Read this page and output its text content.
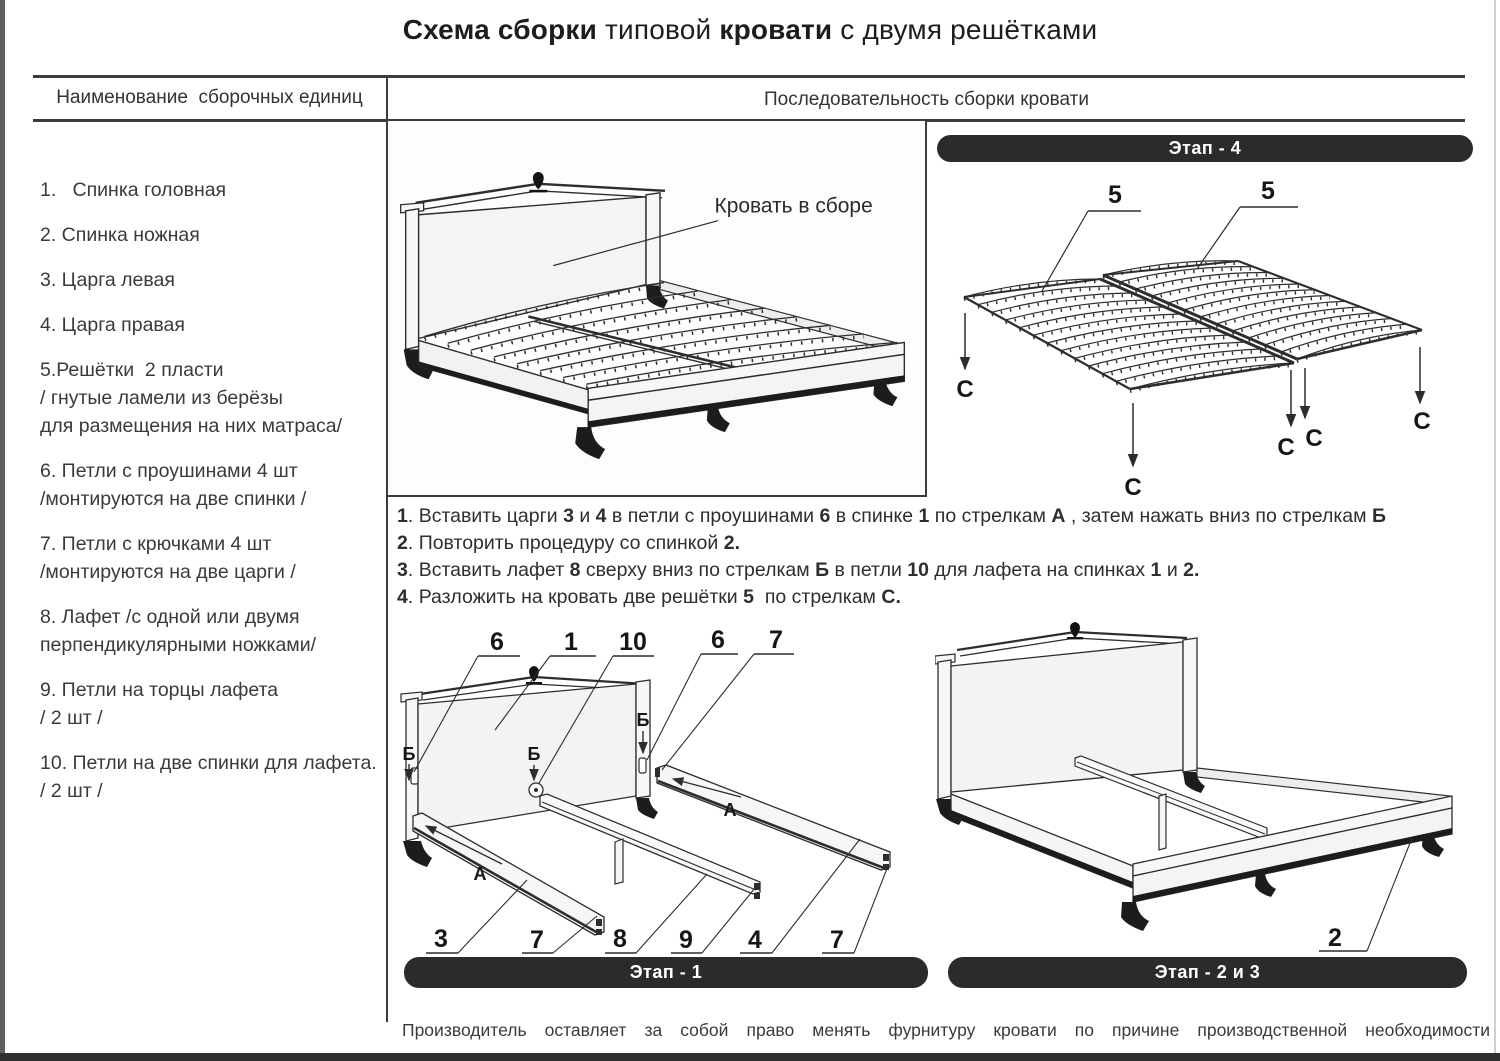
Схема сборки типовой кровати с двумя решётками
Наименование  сборочных единиц	Последовательность сборки кровати
1.   Спинка головная
2. Спинка ножная
3. Царга левая
4. Царга правая
5.Решётки  2 пласти
/ гнутые ламели из берёзы
для размещения на них матраса/
6. Петли с проушинами 4 шт
/монтируются на две спинки /
7. Петли с крючками 4 шт
/монтируются на две царги /
8. Лафет /с одной или двумя
перпендикулярными ножками/
9. Петли на торцы лафета
/ 2 шт /
10. Петли на две спинки для лафета.
/ 2 шт /
Кровать в сборе
Этап - 4
5	5
С
С
С С
С
1. Вставить царги 3 и 4 в петли с проушинами 6 в спинке 1 по стрелкам А , затем нажать вниз по стрелкам Б
2. Повторить процедуру со спинкой 2.
3. Вставить лафет 8 сверху вниз по стрелкам Б в петли 10 для лафета на спинках 1 и 2.
4. Разложить на кровать две решётки 5  по стрелкам С.
Б	Б
Б
А
А
6 1 10	6 7
3	7	8 9 4	7	2
Этап - 1	Этап - 2 и 3
Производитель оставляет за собой право менять фурнитуру кровати по причине производственной необходимости
